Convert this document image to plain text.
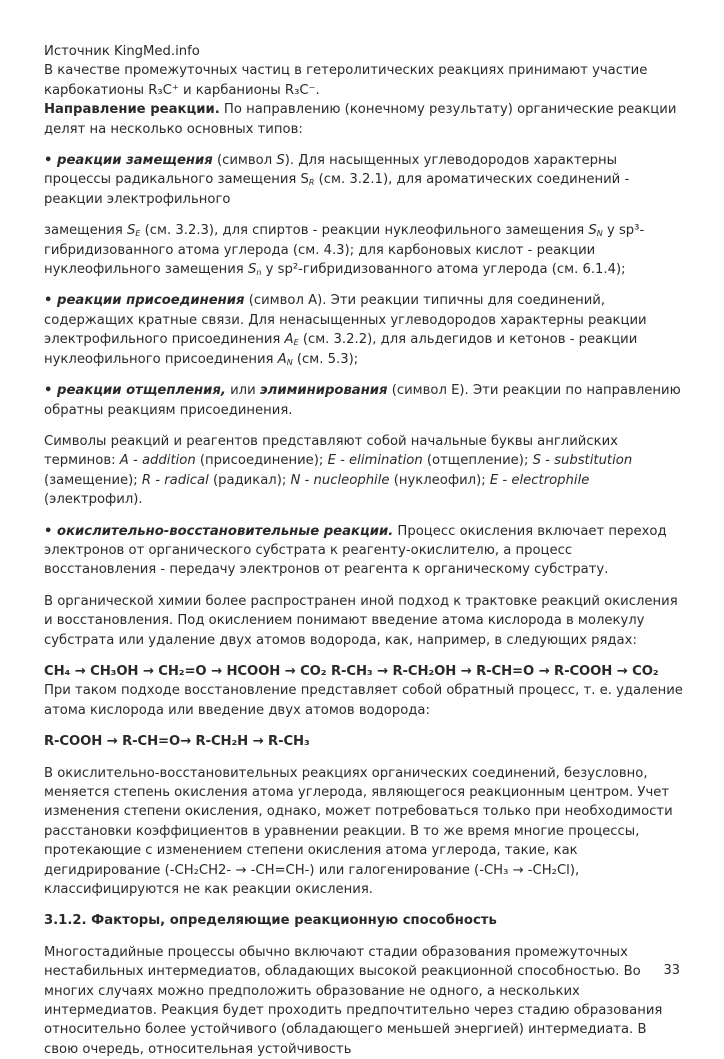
Источник KingMed.info

В качестве промежуточных частиц в гетеролитических реакциях принимают участие карбокатионы R₃C⁺ и карбанионы R₃C⁻.

Направление реакции. По направлению (конечному результату) органические реакции делят на несколько основных типов:

• реакции замещения (символ S). Для насыщенных углеводородов характерны процессы радикального замещения $S_R$ (см. 3.2.1), для ароматических соединений - реакции электрофильного

замещения $S_E$ (см. 3.2.3), для спиртов - реакции нуклеофильного замещения $S_N$ у sp³-гибридизованного атома углерода (см. 4.3); для карбоновых кислот - реакции нуклеофильного замещения $S_n$ у sp²-гибридизованного атома углерода (см. 6.1.4);

• реакции присоединения (символ А). Эти реакции типичны для соединений, содержащих кратные связи. Для ненасыщенных углеводородов характерны реакции электрофильного присоединения $A_E$ (см. 3.2.2), для альдегидов и кетонов - реакции нуклеофильного присоединения $A_N$ (см. 5.3);

• реакции отщепления, или элиминирования (символ Е). Эти реакции по направлению обратны реакциям присоединения.

Символы реакций и реагентов представляют собой начальные буквы английских терминов: A - addition (присоединение); E - elimination (отщепление); S - substitution (замещение); R - radical (радикал); N - nucleophile (нуклеофил); E - electrophile (электрофил).

• окислительно-восстановительные реакции. Процесс окисления включает переход электронов от органического субстрата к реагенту-окислителю, а процесс восстановления - передачу электронов от реагента к органическому субстрату.

В органической химии более распространен иной подход к трактовке реакций окисления и восстановления. Под окислением понимают введение атома кислорода в молекулу субстрата или удаление двух атомов водорода, как, например, в следующих рядах:

CH₄ → CH₃OH → CH₂=O → HCOOH → CO₂ R-CH₃ → R-CH₂OH → R-CH=O → R-COOH → CO₂

При таком подходе восстановление представляет собой обратный процесс, т. е. удаление атома кислорода или введение двух атомов водорода:

R-COOH → R-CH=O→ R-CH₂H → R-CH₃

В окислительно-восстановительных реакциях органических соединений, безусловно, меняется степень окисления атома углерода, являющегося реакционным центром. Учет изменения степени окисления, однако, может потребоваться только при необходимости расстановки коэффициентов в уравнении реакции. В то же время многие процессы, протекающие с изменением степени окисления атома углерода, такие, как дегидрирование (-CH₂CH2- → -CH=CH-) или галогенирование (-CH₃ → -CH₂Cl), классифицируются не как реакции окисления.

3.1.2. Факторы, определяющие реакционную способность

Многостадийные процессы обычно включают стадии образования промежуточных нестабильных интермедиатов, обладающих высокой реакционной способностью. Во многих случаях можно предположить образование не одного, а нескольких интермедиатов. Реакция будет проходить предпочтительно через стадию образования относительно более устойчивого (обладающего меньшей энергией) интермедиата. В свою очередь, относительная устойчивость

33
